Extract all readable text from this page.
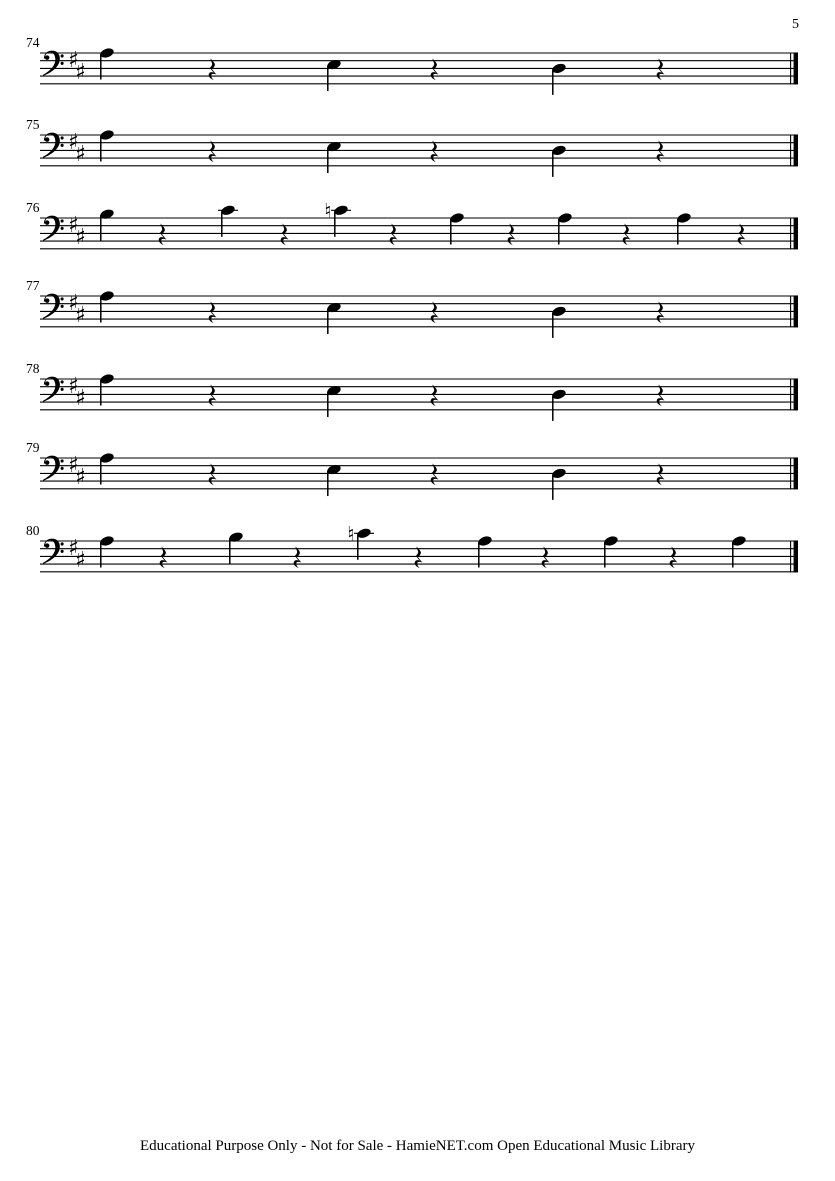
5
74
75
76
77
78
79
80
♯
♯
♯
♯
♯
♯
♮
♯
♯
♯
♯
♯
♯
♯
♯
♮
Educational Purpose Only - Not for Sale - HamieNET.com Open Educational Music Library
